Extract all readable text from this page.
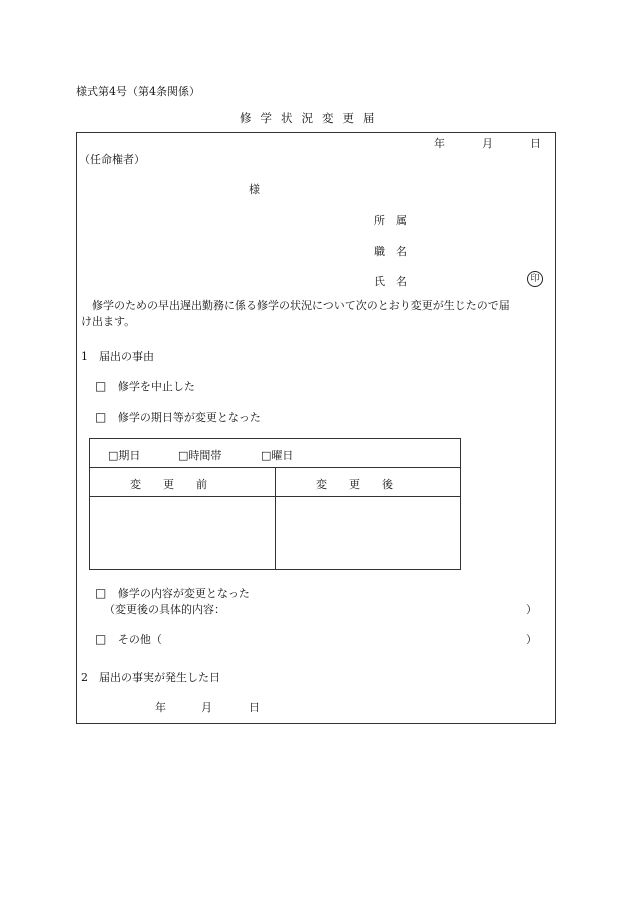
様式第4号（第4条関係）
修学状況変更届
年	月	日
（任命権者）
様
所　属
職　名
氏　名	印
修学のための早出遅出勤務に係る修学の状況について次のとおり変更が生じたので届
け出ます。
1　届出の事由
□ 修学を中止した
□ 修学の期日等が変更となった
□期日	□時間帯	□曜日
変　　更　　前	変　　更　　後
□ 修学の内容が変更となった
（変更後の具体的内容：	）
□ その他（	）
2　届出の事実が発生した日
年	月	日
